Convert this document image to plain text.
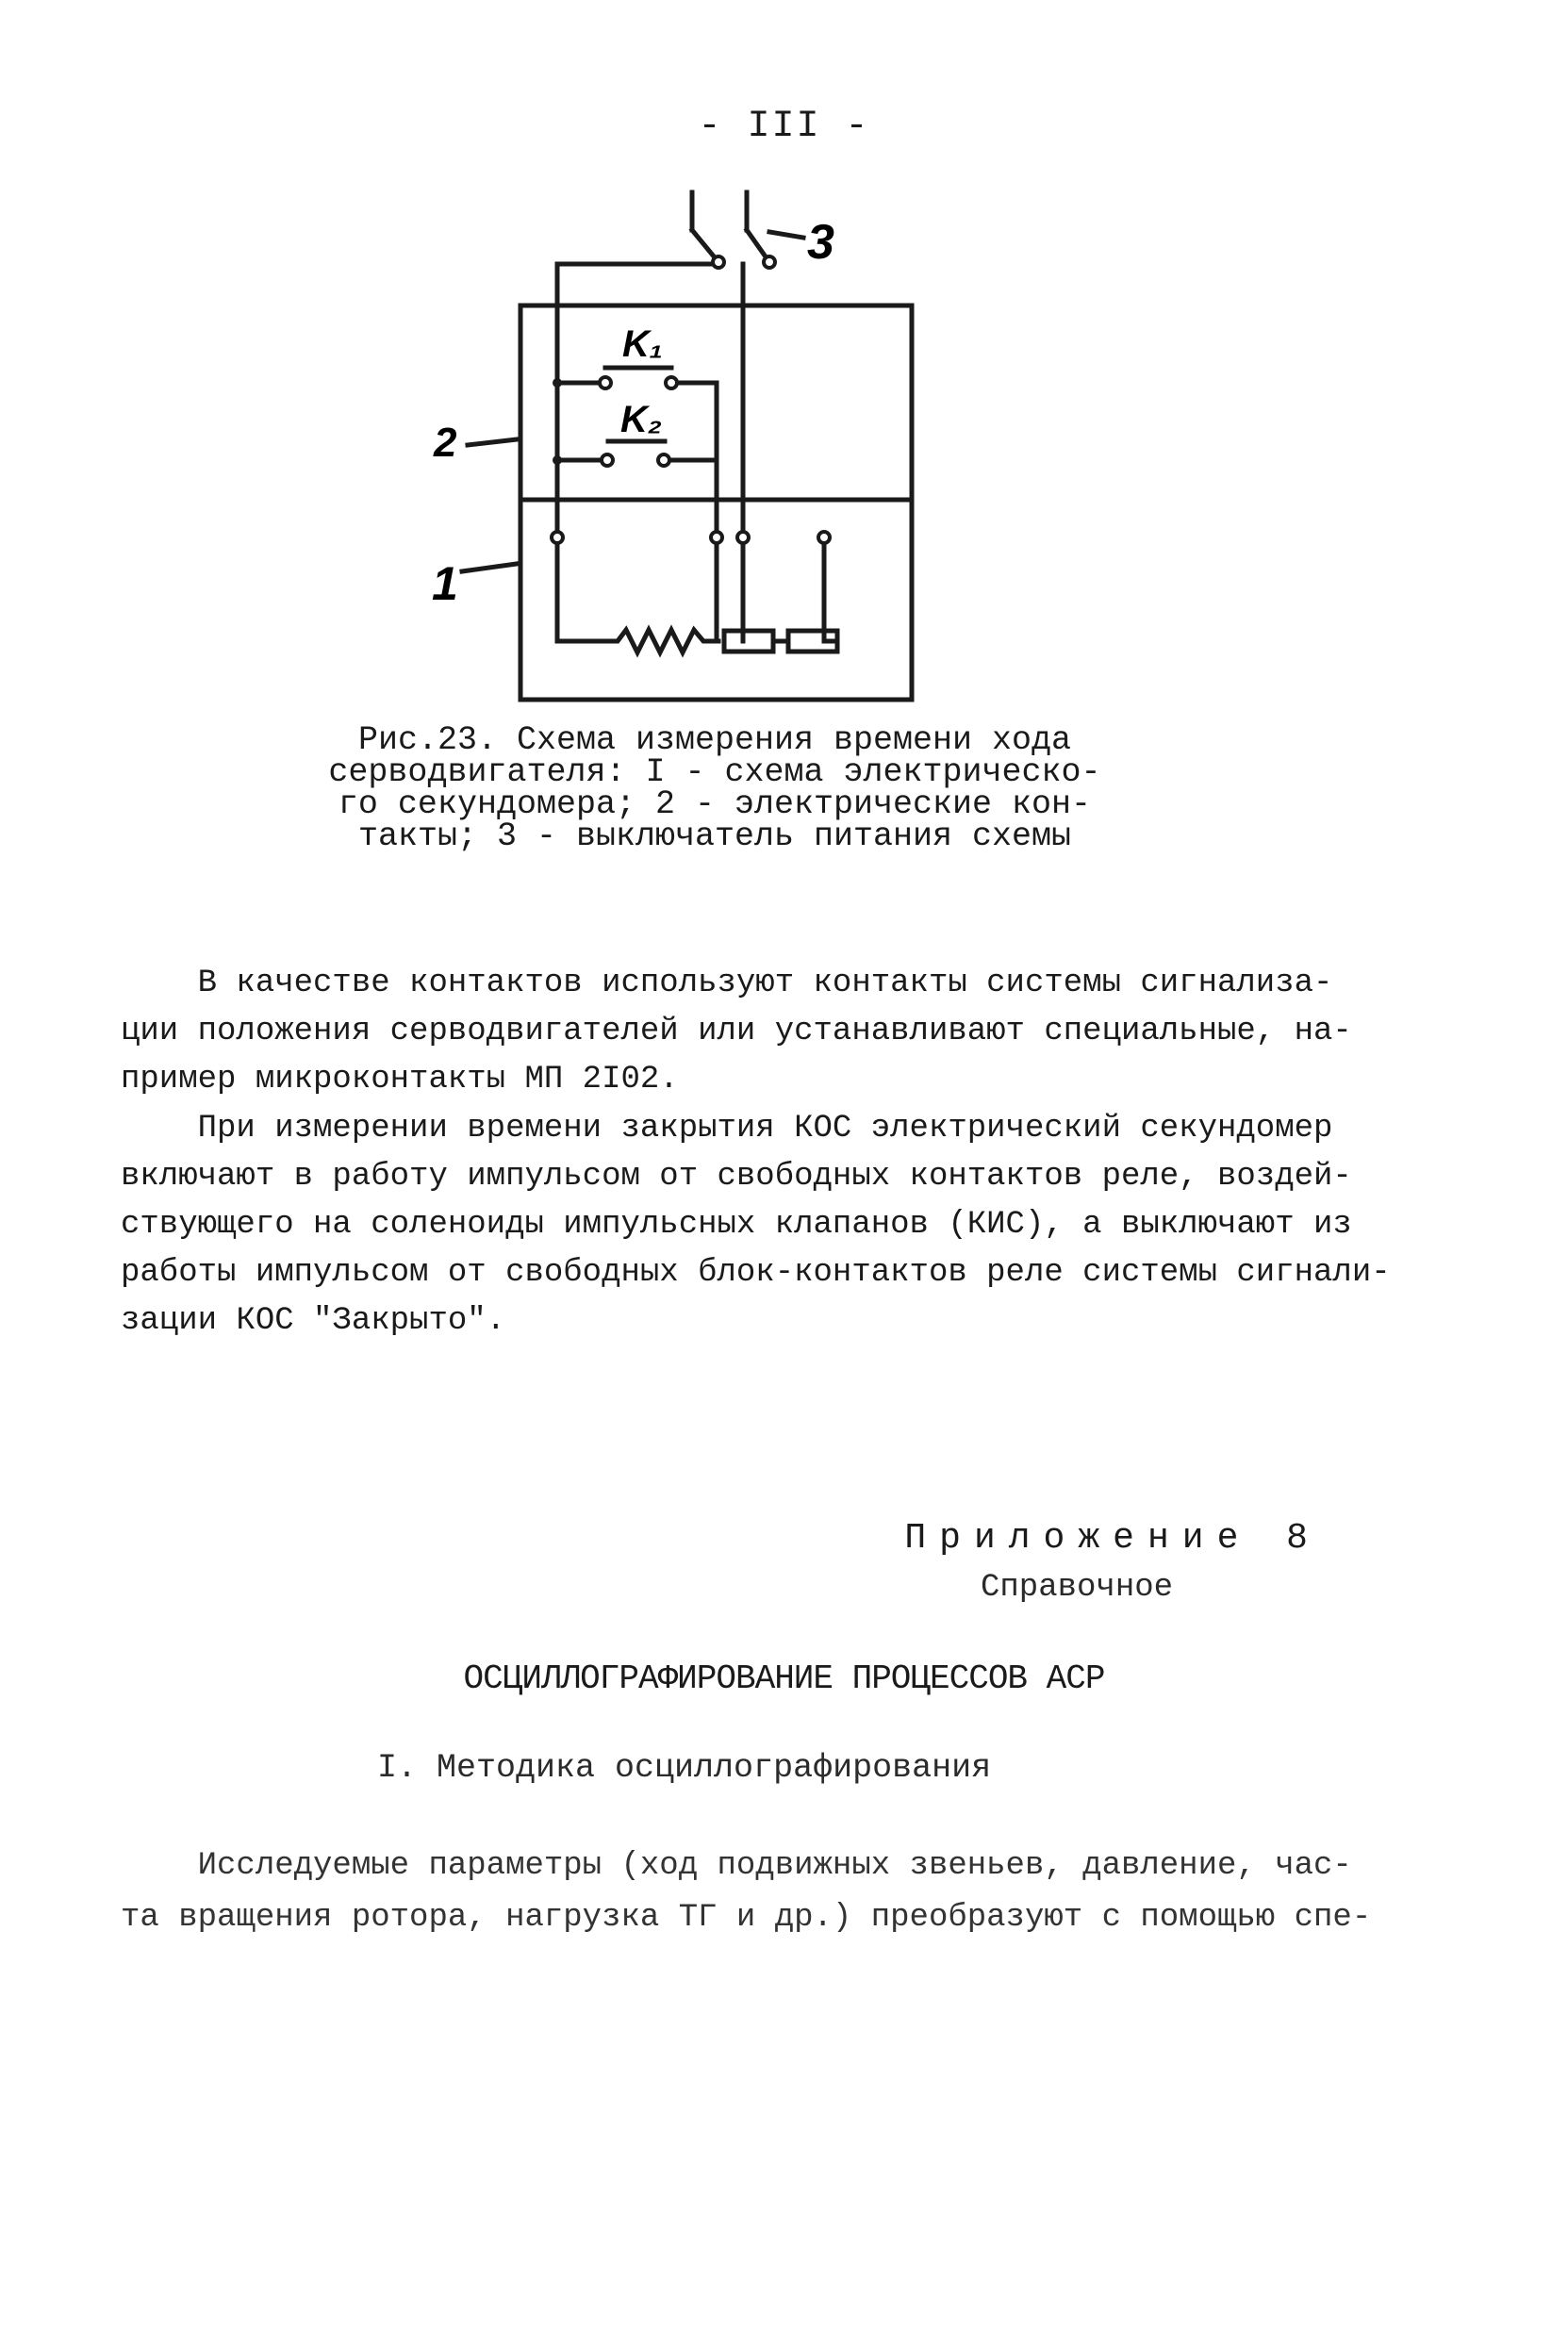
- III -
K₁
K₂
2
1
3
Рис.23. Схема измерения времени хода
серводвигателя: I - схема электрическо-
го секундомера; 2 - электрические кон-
такты; 3 - выключатель питания схемы
В качестве контактов используют контакты системы сигнализа-
ции положения серводвигателей или устанавливают специальные, на-
пример микроконтакты МП 2I02.
При измерении времени закрытия КОС электрический секундомер
включают в работу импульсом от свободных контактов реле, воздей-
ствующего на соленоиды импульсных клапанов (КИС), а выключают из
работы импульсом от свободных блок-контактов реле системы сигнали-
зации КОС "Закрыто".
Приложение 8
Справочное
ОСЦИЛЛОГРАФИРОВАНИЕ ПРОЦЕССОВ АСР
I. Методика осциллографирования
Исследуемые параметры (ход подвижных звеньев, давление, час-
та вращения ротора, нагрузка ТГ и др.) преобразуют с помощью спе-
